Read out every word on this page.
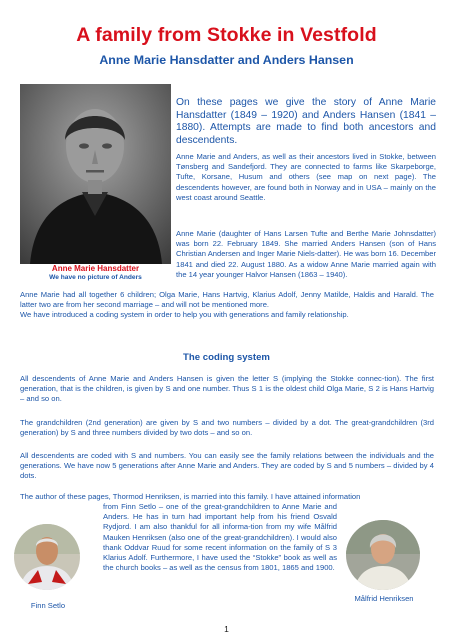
A family from Stokke in Vestfold
Anne Marie Hansdatter and Anders Hansen
Anne Marie Hansdatter
We have no picture of Anders
On these pages we give the story of Anne Marie Hansdatter (1849 – 1920) and Anders Hansen (1841 – 1880). Attempts are made to find both ancestors and descendents.
Anne Marie and Anders, as well as their ancestors lived in Stokke, between Tønsberg and Sandefjord. They are connected to farms like Skarpeborge, Tufte, Korsane, Husum and others (see map on next page). The descendents however, are found both in Norway and in USA – mainly on the west coast around Seattle.
Anne Marie (daughter of Hans Larsen Tufte and Berthe Marie Johnsdatter) was born 22. February 1849. She married Anders Hansen (son of Hans Christian Andersen and Inger Marie Niels-datter). He was born 16. December 1841 and died 22. August 1880. As a widow Anne Marie married again with the 14 year younger Halvor Hansen (1863 – 1940).
Anne Marie had all together 6 children; Olga Marie, Hans Hartvig, Klarius Adolf, Jenny Matilde, Haldis and Harald. The latter two are from her second marriage – and will not be mentioned more.
We have introduced a coding system in order to help you with generations and family relationship.
The coding system
All descendents of Anne Marie and Anders Hansen is given the letter S (implying the Stokke connec-tion). The first generation, that is the children, is given by S and one number. Thus S 1 is the oldest child Olga Marie, S 2 is Hans Hartvig – and so on.
The grandchildren (2nd generation) are given by S and two numbers – divided by a dot. The great-grandchildren (3rd generation) by S and three numbers divided by two dots – and so on.
All descendents are coded with S and numbers. You can easily see the family relations between the individuals and the generations. We have now 5 generations after Anne Marie and Anders. They are coded by S and 5 numbers – divided by 4 dots.
The author of these pages, Thormod Henriksen, is married into this family. I have attained information
from Finn Setlo – one of the great-grandchildren to Anne Marie and Anders. He has in turn had important help from his friend Osvald Rydjord. I am also thankful for all informa-tion from my wife Målfrid Mauken Henriksen (also one of the great-grandchildren). I would also thank Oddvar Ruud for some recent information on the family of S 3 Klarius Adolf. Furthermore, I have used the “Stokke” book as well as the church books – as well as the census from 1801, 1865 and 1900.
Finn Setlo
Målfrid Henriksen
1
